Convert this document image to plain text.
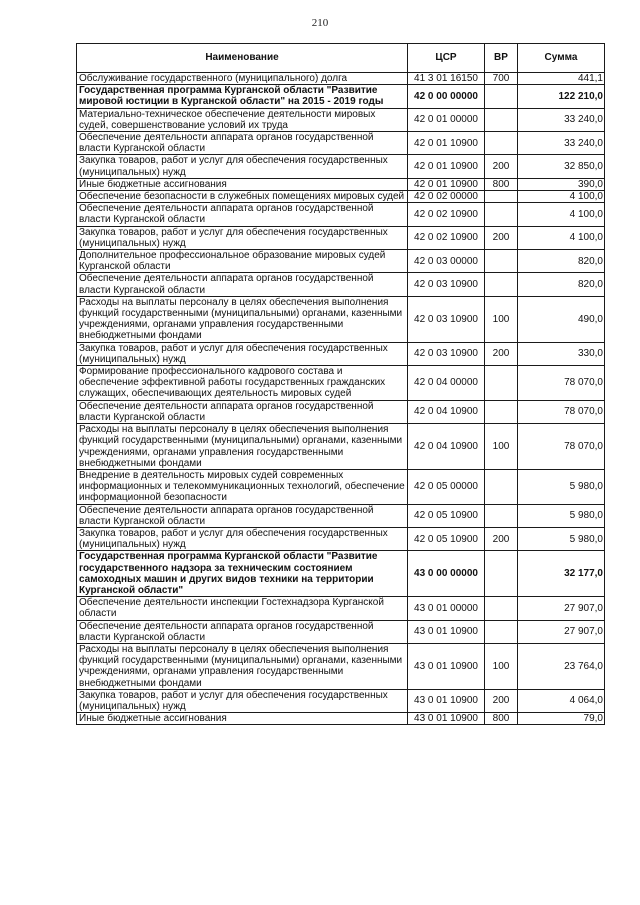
210
Наименование	ЦСР	ВР	Сумма
Обслуживание государственного (муниципального) долга	41 3 01 16150	700	441,1
Государственная программа Курганской области "Развитие мировой юстиции в Курганской области" на 2015 - 2019 годы	42 0 00 00000		122 210,0
Материально-техническое обеспечение деятельности мировых судей, совершенствование условий их труда	42 0 01 00000		33 240,0
Обеспечение деятельности аппарата органов государственной власти Курганской области	42 0 01 10900		33 240,0
Закупка товаров, работ и услуг для обеспечения государственных (муниципальных) нужд	42 0 01 10900	200	32 850,0
Иные бюджетные ассигнования	42 0 01 10900	800	390,0
Обеспечение безопасности в служебных помещениях мировых судей	42 0 02 00000		4 100,0
Обеспечение деятельности аппарата органов государственной власти Курганской области	42 0 02 10900		4 100,0
Закупка товаров, работ и услуг для обеспечения государственных (муниципальных) нужд	42 0 02 10900	200	4 100,0
Дополнительное профессиональное образование мировых судей Курганской области	42 0 03 00000		820,0
Обеспечение деятельности аппарата органов государственной власти Курганской области	42 0 03 10900		820,0
Расходы на выплаты персоналу в целях обеспечения выполнения функций государственными (муниципальными) органами, казенными учреждениями, органами управления государственными внебюджетными фондами	42 0 03 10900	100	490,0
Закупка товаров, работ и услуг для обеспечения государственных (муниципальных) нужд	42 0 03 10900	200	330,0
Формирование профессионального кадрового состава и обеспечение эффективной работы государственных гражданских служащих, обеспечивающих деятельность мировых судей	42 0 04 00000		78 070,0
Обеспечение деятельности аппарата органов государственной власти Курганской области	42 0 04 10900		78 070,0
Расходы на выплаты персоналу в целях обеспечения выполнения функций государственными (муниципальными) органами, казенными учреждениями, органами управления государственными внебюджетными фондами	42 0 04 10900	100	78 070,0
Внедрение в деятельность мировых судей современных информационных и телекоммуникационных технологий, обеспечение информационной безопасности	42 0 05 00000		5 980,0
Обеспечение деятельности аппарата органов государственной власти Курганской области	42 0 05 10900		5 980,0
Закупка товаров, работ и услуг для обеспечения государственных (муниципальных) нужд	42 0 05 10900	200	5 980,0
Государственная программа Курганской области "Развитие государственного надзора за техническим состоянием самоходных машин и других видов техники на территории Курганской области"	43 0 00 00000		32 177,0
Обеспечение деятельности инспекции Гостехнадзора Курганской области	43 0 01 00000		27 907,0
Обеспечение деятельности аппарата органов государственной власти Курганской области	43 0 01 10900		27 907,0
Расходы на выплаты персоналу в целях обеспечения выполнения функций государственными (муниципальными) органами, казенными учреждениями, органами управления государственными внебюджетными фондами	43 0 01 10900	100	23 764,0
Закупка товаров, работ и услуг для обеспечения государственных (муниципальных) нужд	43 0 01 10900	200	4 064,0
Иные бюджетные ассигнования	43 0 01 10900	800	79,0
